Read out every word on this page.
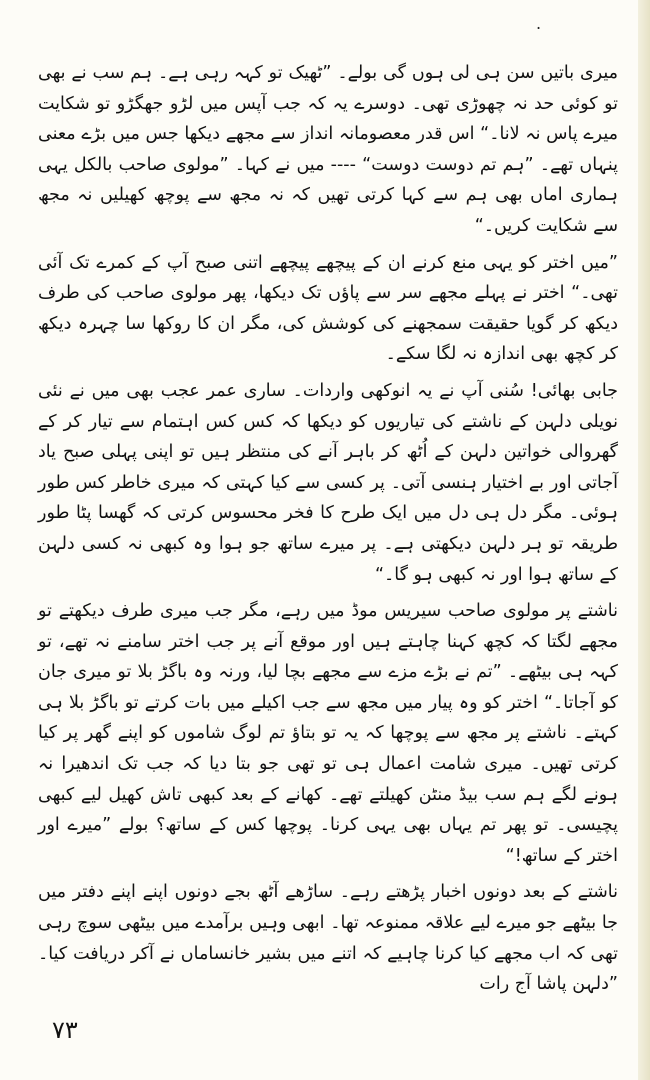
.

میری باتیں سن ہی لی ہوں گی بولے۔ ”ٹھیک تو کہہ رہی ہے۔ ہم سب نے بھی تو کوئی حد نہ چھوڑی تھی۔ دوسرے یہ کہ جب آپس میں لڑو جھگڑو تو شکایت میرے پاس نہ لانا۔“ اس قدر معصومانہ انداز سے مجھے دیکھا جس میں بڑے معنی پنہاں تھے۔ ”ہم تم دوست دوست“ ---- میں نے کہا۔ ”مولوی صاحب بالکل یہی ہماری اماں بھی ہم سے کہا کرتی تھیں کہ نہ مجھ سے پوچھ کھیلیں نہ مجھ سے شکایت کریں۔“

”میں اختر کو یہی منع کرنے ان کے پیچھے پیچھے اتنی صبح آپ کے کمرے تک آئی تھی۔“ اختر نے پہلے مجھے سر سے پاؤں تک دیکھا، پھر مولوی صاحب کی طرف دیکھ کر گویا حقیقت سمجھنے کی کوشش کی، مگر ان کا روکھا سا چہرہ دیکھ کر کچھ بھی اندازہ نہ لگا سکے۔

جابی بھائی! سُنی آپ نے یہ انوکھی واردات۔ ساری عمر عجب بھی میں نے نئی نویلی دلہن کے ناشتے کی تیاریوں کو دیکھا کہ کس کس اہتمام سے تیار کر کے گھروالی خواتین دلہن کے اُٹھ کر باہر آنے کی منتظر ہیں تو اپنی پہلی صبح یاد آجاتی اور بے اختیار ہنسی آتی۔ پر کسی سے کیا کہتی کہ میری خاطر کس طور ہوئی۔ مگر دل ہی دل میں ایک طرح کا فخر محسوس کرتی کہ گھسا پٹا طور طریقہ تو ہر دلہن دیکھتی ہے۔ پر میرے ساتھ جو ہوا وہ کبھی نہ کسی دلہن کے ساتھ ہوا اور نہ کبھی ہو گا۔“

ناشتے پر مولوی صاحب سیریس موڈ میں رہے، مگر جب میری طرف دیکھتے تو مجھے لگتا کہ کچھ کہنا چاہتے ہیں اور موقع آنے پر جب اختر سامنے نہ تھے، تو کہہ ہی بیٹھے۔ ”تم نے بڑے مزے سے مجھے بچا لیا، ورنہ وہ باگڑ بلا تو میری جان کو آجاتا۔“ اختر کو وہ پیار میں مجھ سے جب اکیلے میں بات کرتے تو باگڑ بلا ہی کہتے۔ ناشتے پر مجھ سے پوچھا کہ یہ تو بتاؤ تم لوگ شاموں کو اپنے گھر پر کیا کرتی تھیں۔ میری شامت اعمال ہی تو تھی جو بتا دیا کہ جب تک اندھیرا نہ ہونے لگے ہم سب بیڈ منٹن کھیلتے تھے۔ کھانے کے بعد کبھی تاش کھیل لیے کبھی پچیسی۔ تو پھر تم یہاں بھی یہی کرنا۔ پوچھا کس کے ساتھ؟ بولے ”میرے اور اختر کے ساتھ!“

ناشتے کے بعد دونوں اخبار پڑھتے رہے۔ ساڑھے آٹھ بجے دونوں اپنے اپنے دفتر میں جا بیٹھے جو میرے لیے علاقہ ممنوعہ تھا۔ ابھی وہیں برآمدے میں بیٹھی سوچ رہی تھی کہ اب مجھے کیا کرنا چاہیے کہ اتنے میں بشیر خانساماں نے آکر دریافت کیا۔ ”دلہن پاشا آج رات

۷۳
